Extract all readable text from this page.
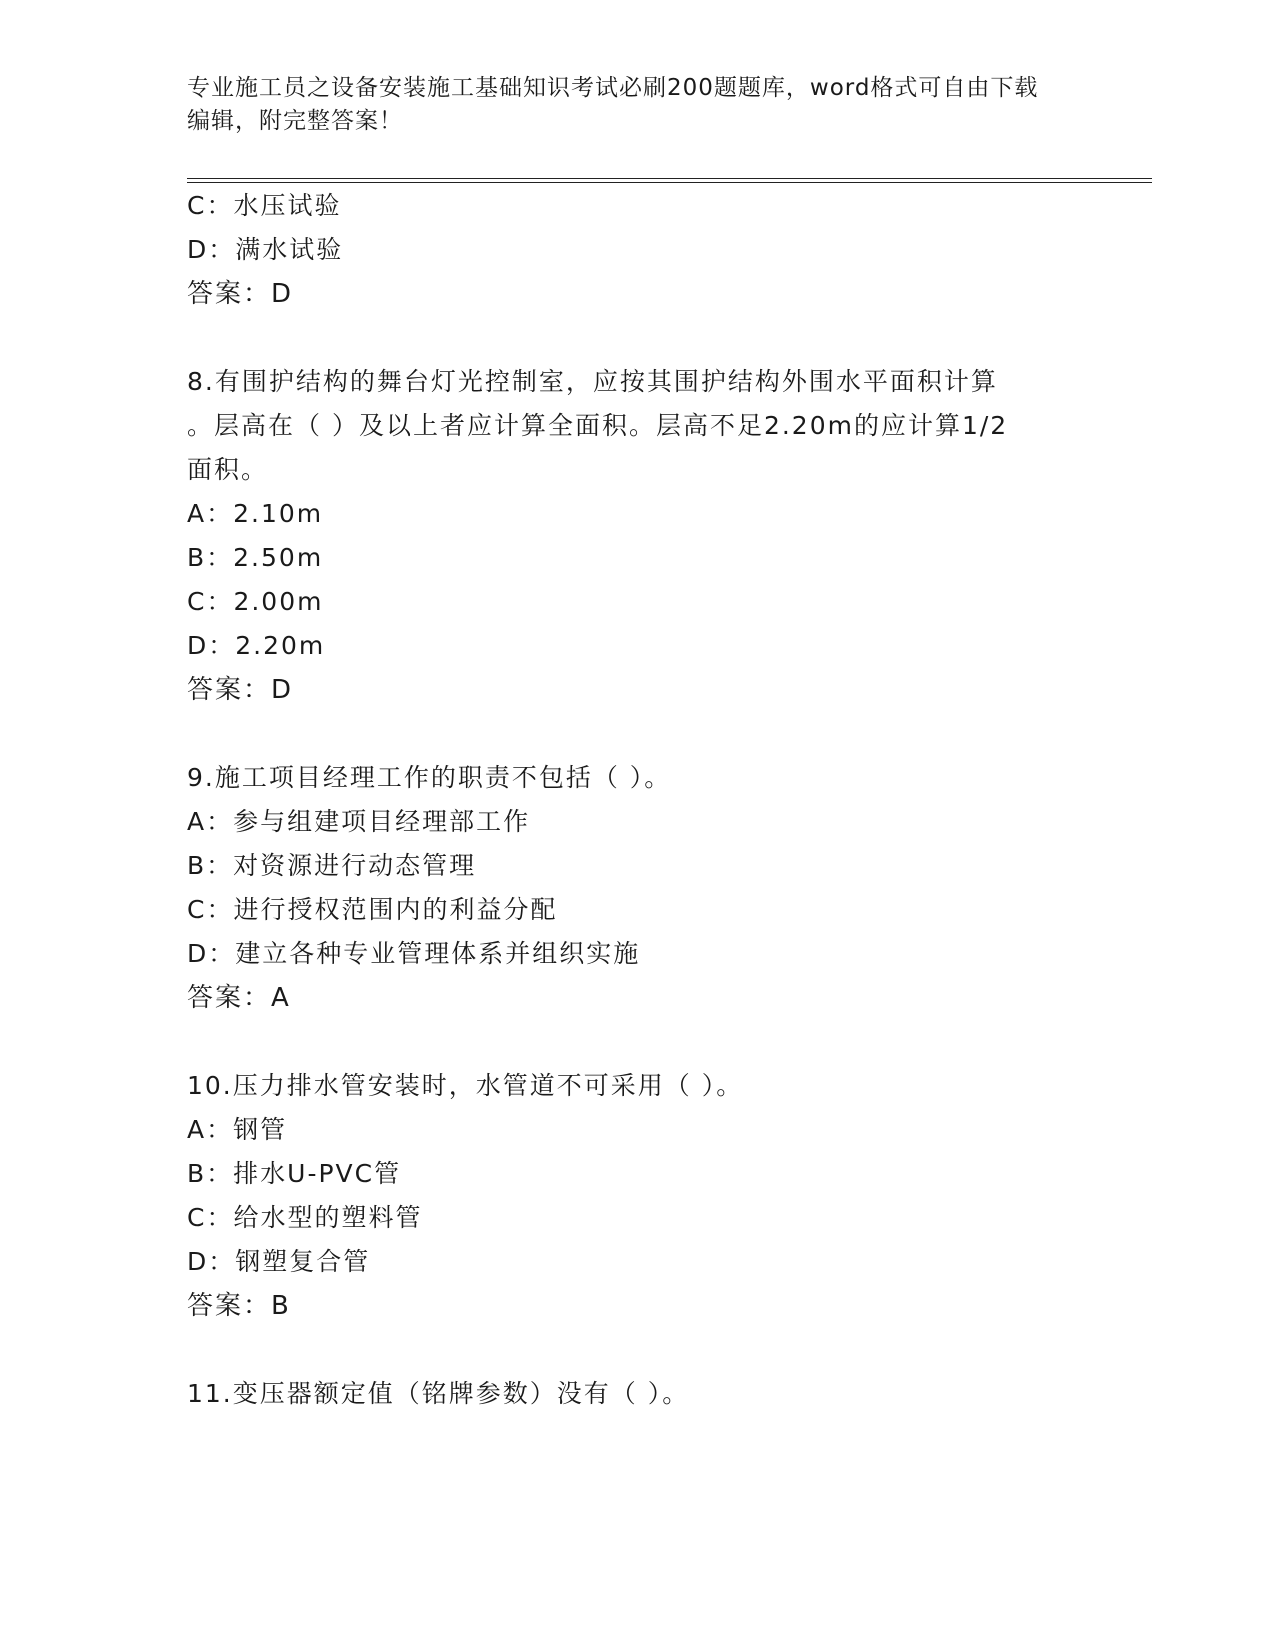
专业施工员之设备安装施工基础知识考试必刷200题题库，word格式可自由下载
编辑，附完整答案！
C：水压试验
D：满水试验
答案：D
8.有围护结构的舞台灯光控制室，应按其围护结构外围水平面积计算
。层高在（ ）及以上者应计算全面积。层高不足2.20m的应计算1/2
面积。
A：2.10m
B：2.50m
C：2.00m
D：2.20m
答案：D
9.施工项目经理工作的职责不包括（ ）。
A：参与组建项目经理部工作
B：对资源进行动态管理
C：进行授权范围内的利益分配
D：建立各种专业管理体系并组织实施
答案：A
10.压力排水管安装时，水管道不可采用（ ）。
A：钢管
B：排水U-PVC管
C：给水型的塑料管
D：钢塑复合管
答案：B
11.变压器额定值（铭牌参数）没有（ ）。
